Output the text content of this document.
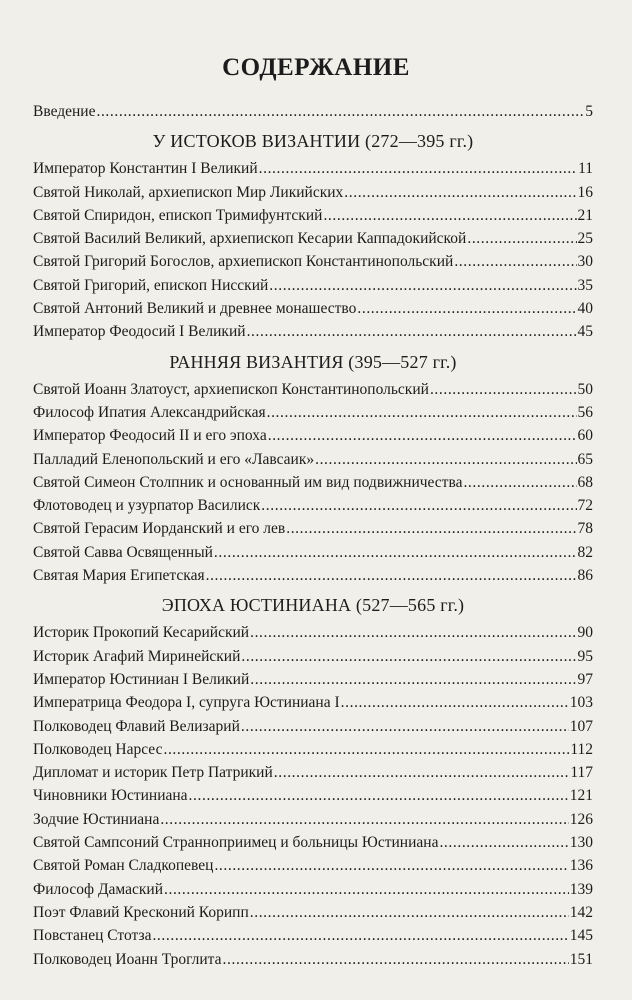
СОДЕРЖАНИЕ
Введение .....	5
У ИСТОКОВ ВИЗАНТИИ (272—395 гг.)
Император Константин I Великий .....	11
Святой Николай, архиепископ Мир Ликийских .....	16
Святой Спиридон, епископ Тримифунтский .....	21
Святой Василий Великий, архиепископ Кесарии Каппадокийской .....	25
Святой Григорий Богослов, архиепископ Константинопольский .....	30
Святой Григорий, епископ Нисский .....	35
Святой Антоний Великий и древнее монашество .....	40
Император Феодосий I Великий .....	45
РАННЯЯ ВИЗАНТИЯ (395—527 гг.)
Святой Иоанн Златоуст, архиепископ Константинопольский .....	50
Философ Ипатия Александрийская .....	56
Император Феодосий II и его эпоха .....	60
Палладий Еленопольский и его «Лавсаик» .....	65
Святой Симеон Столпник и основанный им вид подвижничества .....	68
Флотоводец и узурпатор Василиск .....	72
Святой Герасим Иорданский и его лев .....	78
Святой Савва Освященный .....	82
Святая Мария Египетская .....	86
ЭПОХА ЮСТИНИАНА (527—565 гг.)
Историк Прокопий Кесарийский .....	90
Историк Агафий Миринейский .....	95
Император Юстиниан I Великий .....	97
Императрица Феодора I, супруга Юстиниана I .....	103
Полководец Флавий Велизарий .....	107
Полководец Нарсес .....	112
Дипломат и историк Петр Патрикий .....	117
Чиновники Юстиниана .....	121
Зодчие Юстиниана .....	126
Святой Сампсоний Страннoприимец и больницы Юстиниана .....	130
Святой Роман Сладкопевец .....	136
Философ Дамаский .....	139
Поэт Флавий Кресконий Корипп .....	142
Повстанец Стотза .....	145
Полководец Иоанн Троглита .....	151
